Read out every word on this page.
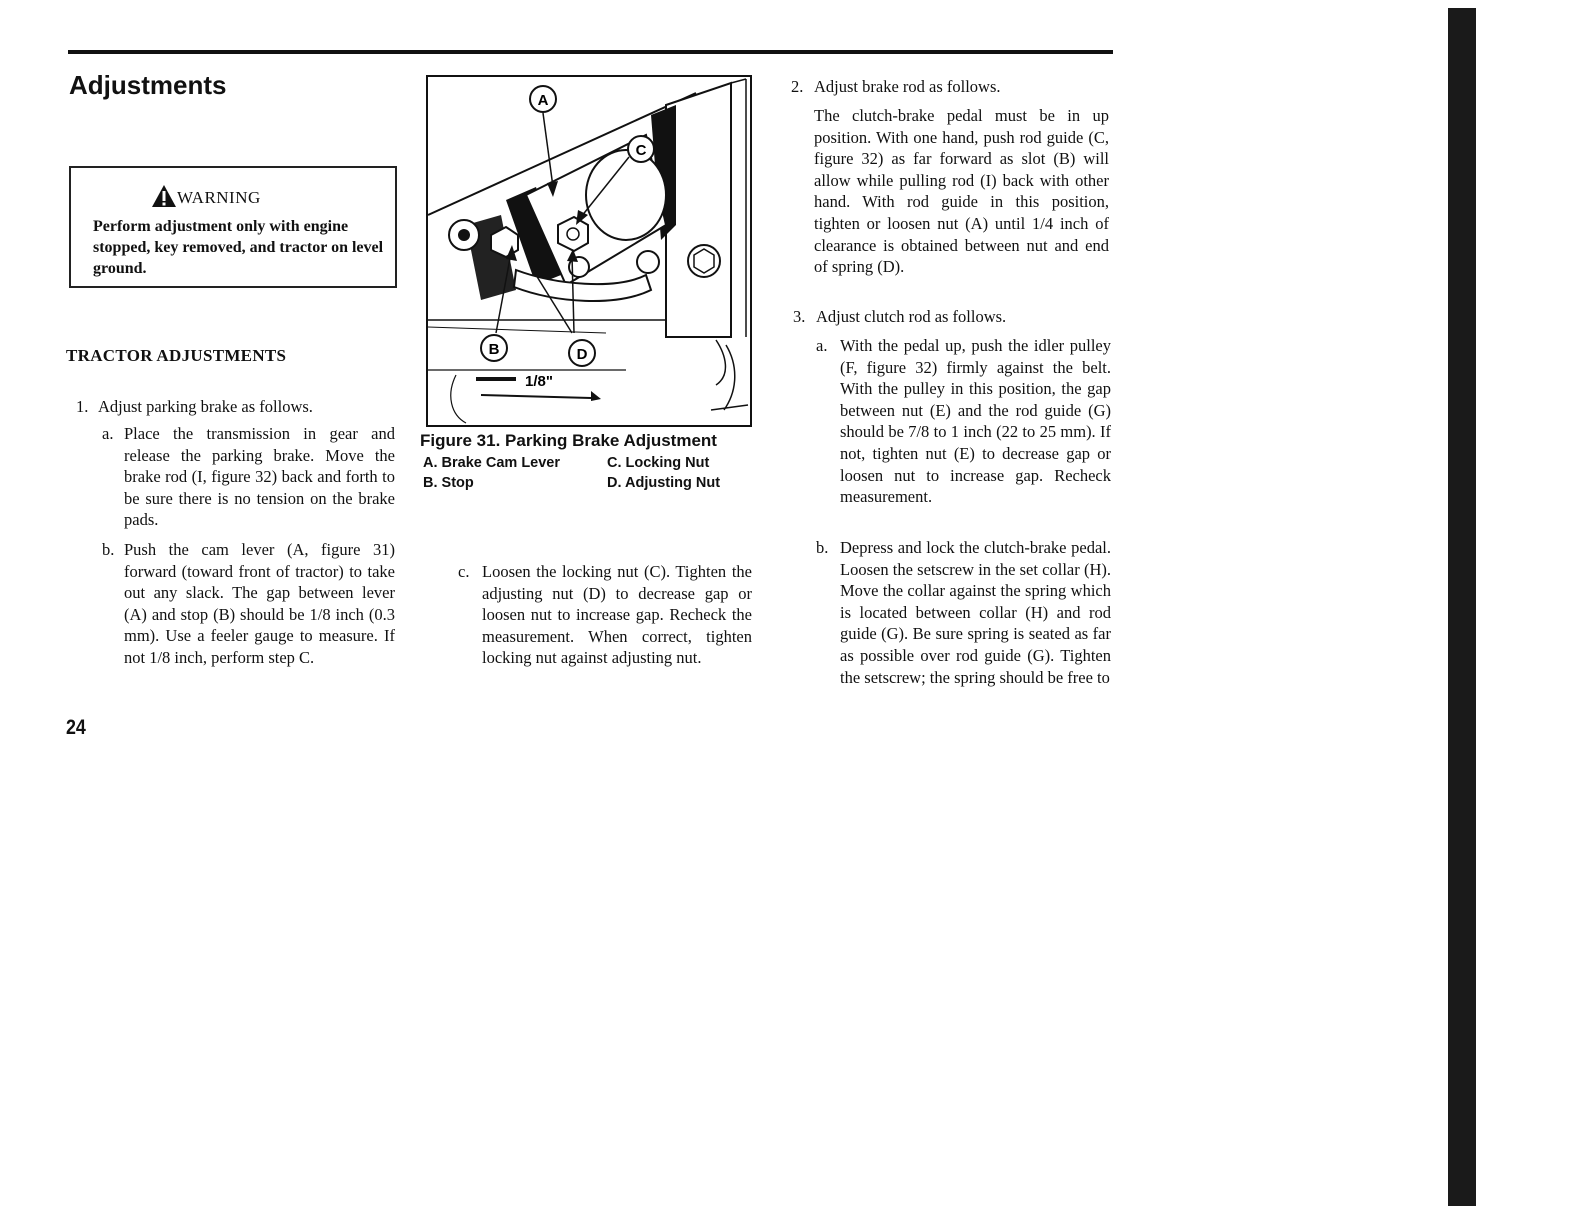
Adjustments
WARNING
Perform adjustment only with engine stopped, key removed, and tractor on level ground.
TRACTOR ADJUSTMENTS
1. Adjust parking brake as follows.
a. Place the transmission in gear and release the parking brake. Move the brake rod (I, figure 32) back and forth to be sure there is no tension on the brake pads.

b. Push the cam lever (A, figure 31) forward (toward front of tractor) to take out any slack. The gap between lever (A) and stop (B) should be 1/8 inch (0.3 mm). Use a feeler gauge to measure. If not 1/8 inch, perform step C.

24
A
B
C
D
1/8"
Figure 31. Parking Brake Adjustment
A. Brake Cam Lever
B. Stop
C. Locking Nut
D. Adjusting Nut
c. Loosen the locking nut (C). Tighten the adjusting nut (D) to decrease gap or loosen nut to increase gap. Recheck the measurement. When correct, tighten locking nut against adjusting nut.

2. Adjust brake rod as follows.

The clutch-brake pedal must be in up position. With one hand, push rod guide (C, figure 32) as far forward as slot (B) will allow while pulling rod (I) back with other hand. With rod guide in this position, tighten or loosen nut (A) until 1/4 inch of clearance is obtained between nut and end of spring (D).

3. Adjust clutch rod as follows.
a. With the pedal up, push the idler pulley (F, figure 32) firmly against the belt. With the pulley in this position, the gap between nut (E) and the rod guide (G) should be 7/8 to 1 inch (22 to 25 mm). If not, tighten nut (E) to decrease gap or loosen nut to increase gap. Recheck measurement.

b. Depress and lock the clutch-brake pedal. Loosen the setscrew in the set collar (H). Move the collar against the spring which is located between collar (H) and rod guide (G). Be sure spring is seated as far as possible over rod guide (G). Tighten the setscrew; the spring should be free to
